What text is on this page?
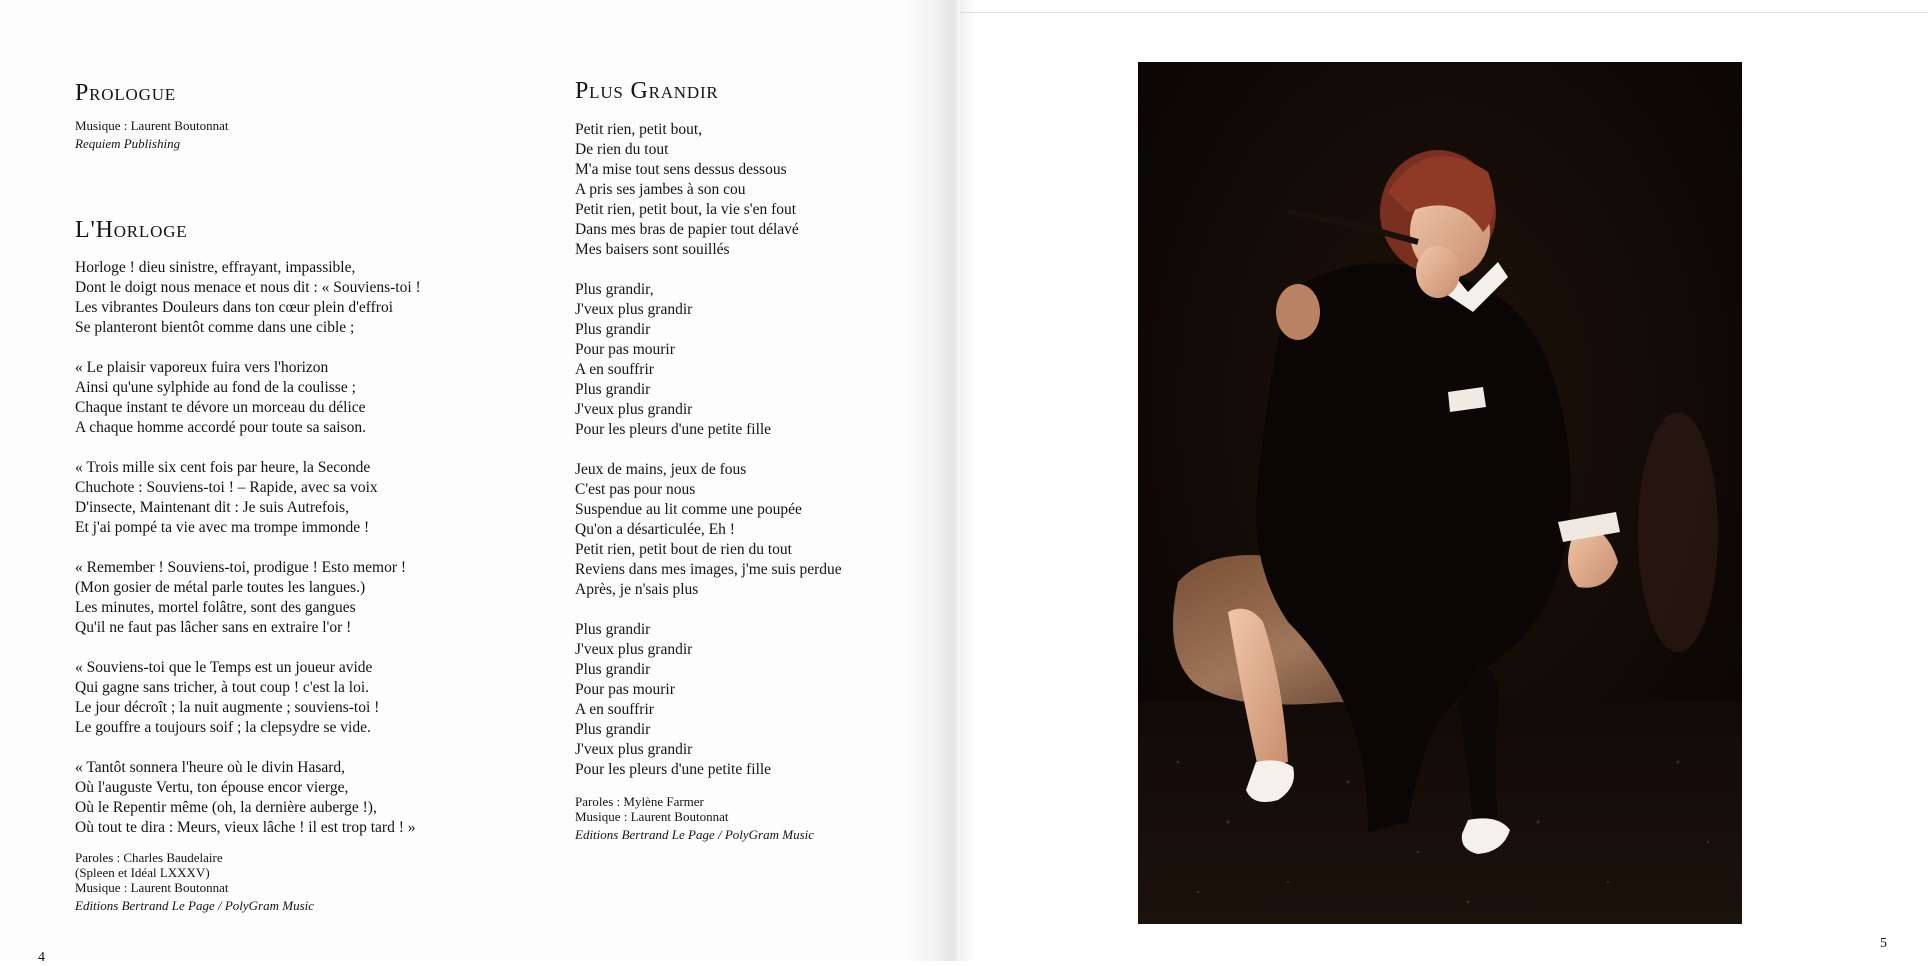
Prologue
Musique : Laurent Boutonnat
Requiem Publishing
L'Horloge
Horloge ! dieu sinistre, effrayant, impassible,
Dont le doigt nous menace et nous dit : « Souviens-toi !
Les vibrantes Douleurs dans ton cœur plein d'effroi
Se planteront bientôt comme dans une cible ;
« Le plaisir vaporeux fuira vers l'horizon
Ainsi qu'une sylphide au fond de la coulisse ;
Chaque instant te dévore un morceau du délice
A chaque homme accordé pour toute sa saison.
« Trois mille six cent fois par heure, la Seconde
Chuchote : Souviens-toi ! – Rapide, avec sa voix
D'insecte, Maintenant dit : Je suis Autrefois,
Et j'ai pompé ta vie avec ma trompe immonde !
« Remember ! Souviens-toi, prodigue ! Esto memor !
(Mon gosier de métal parle toutes les langues.)
Les minutes, mortel folâtre, sont des gangues
Qu'il ne faut pas lâcher sans en extraire l'or !
« Souviens-toi que le Temps est un joueur avide
Qui gagne sans tricher, à tout coup ! c'est la loi.
Le jour décroît ; la nuit augmente ; souviens-toi !
Le gouffre a toujours soif ; la clepsydre se vide.
« Tantôt sonnera l'heure où le divin Hasard,
Où l'auguste Vertu, ton épouse encor vierge,
Où le Repentir même (oh, la dernière auberge !),
Où tout te dira : Meurs, vieux lâche ! il est trop tard ! »
Paroles : Charles Baudelaire
(Spleen et Idéal LXXXV)
Musique : Laurent Boutonnat
Editions Bertrand Le Page / PolyGram Music
Plus Grandir
Petit rien, petit bout,
De rien du tout
M'a mise tout sens dessus dessous
A pris ses jambes à son cou
Petit rien, petit bout, la vie s'en fout
Dans mes bras de papier tout délavé
Mes baisers sont souillés
Plus grandir,
J'veux plus grandir
Plus grandir
Pour pas mourir
A en souffrir
Plus grandir
J'veux plus grandir
Pour les pleurs d'une petite fille
Jeux de mains, jeux de fous
C'est pas pour nous
Suspendue au lit comme une poupée
Qu'on a désarticulée, Eh !
Petit rien, petit bout de rien du tout
Reviens dans mes images, j'me suis perdue
Après, je n'sais plus
Plus grandir
J'veux plus grandir
Plus grandir
Pour pas mourir
A en souffrir
Plus grandir
J'veux plus grandir
Pour les pleurs d'une petite fille
Paroles : Mylène Farmer
Musique : Laurent Boutonnat
Editions Bertrand Le Page / PolyGram Music
4
5
